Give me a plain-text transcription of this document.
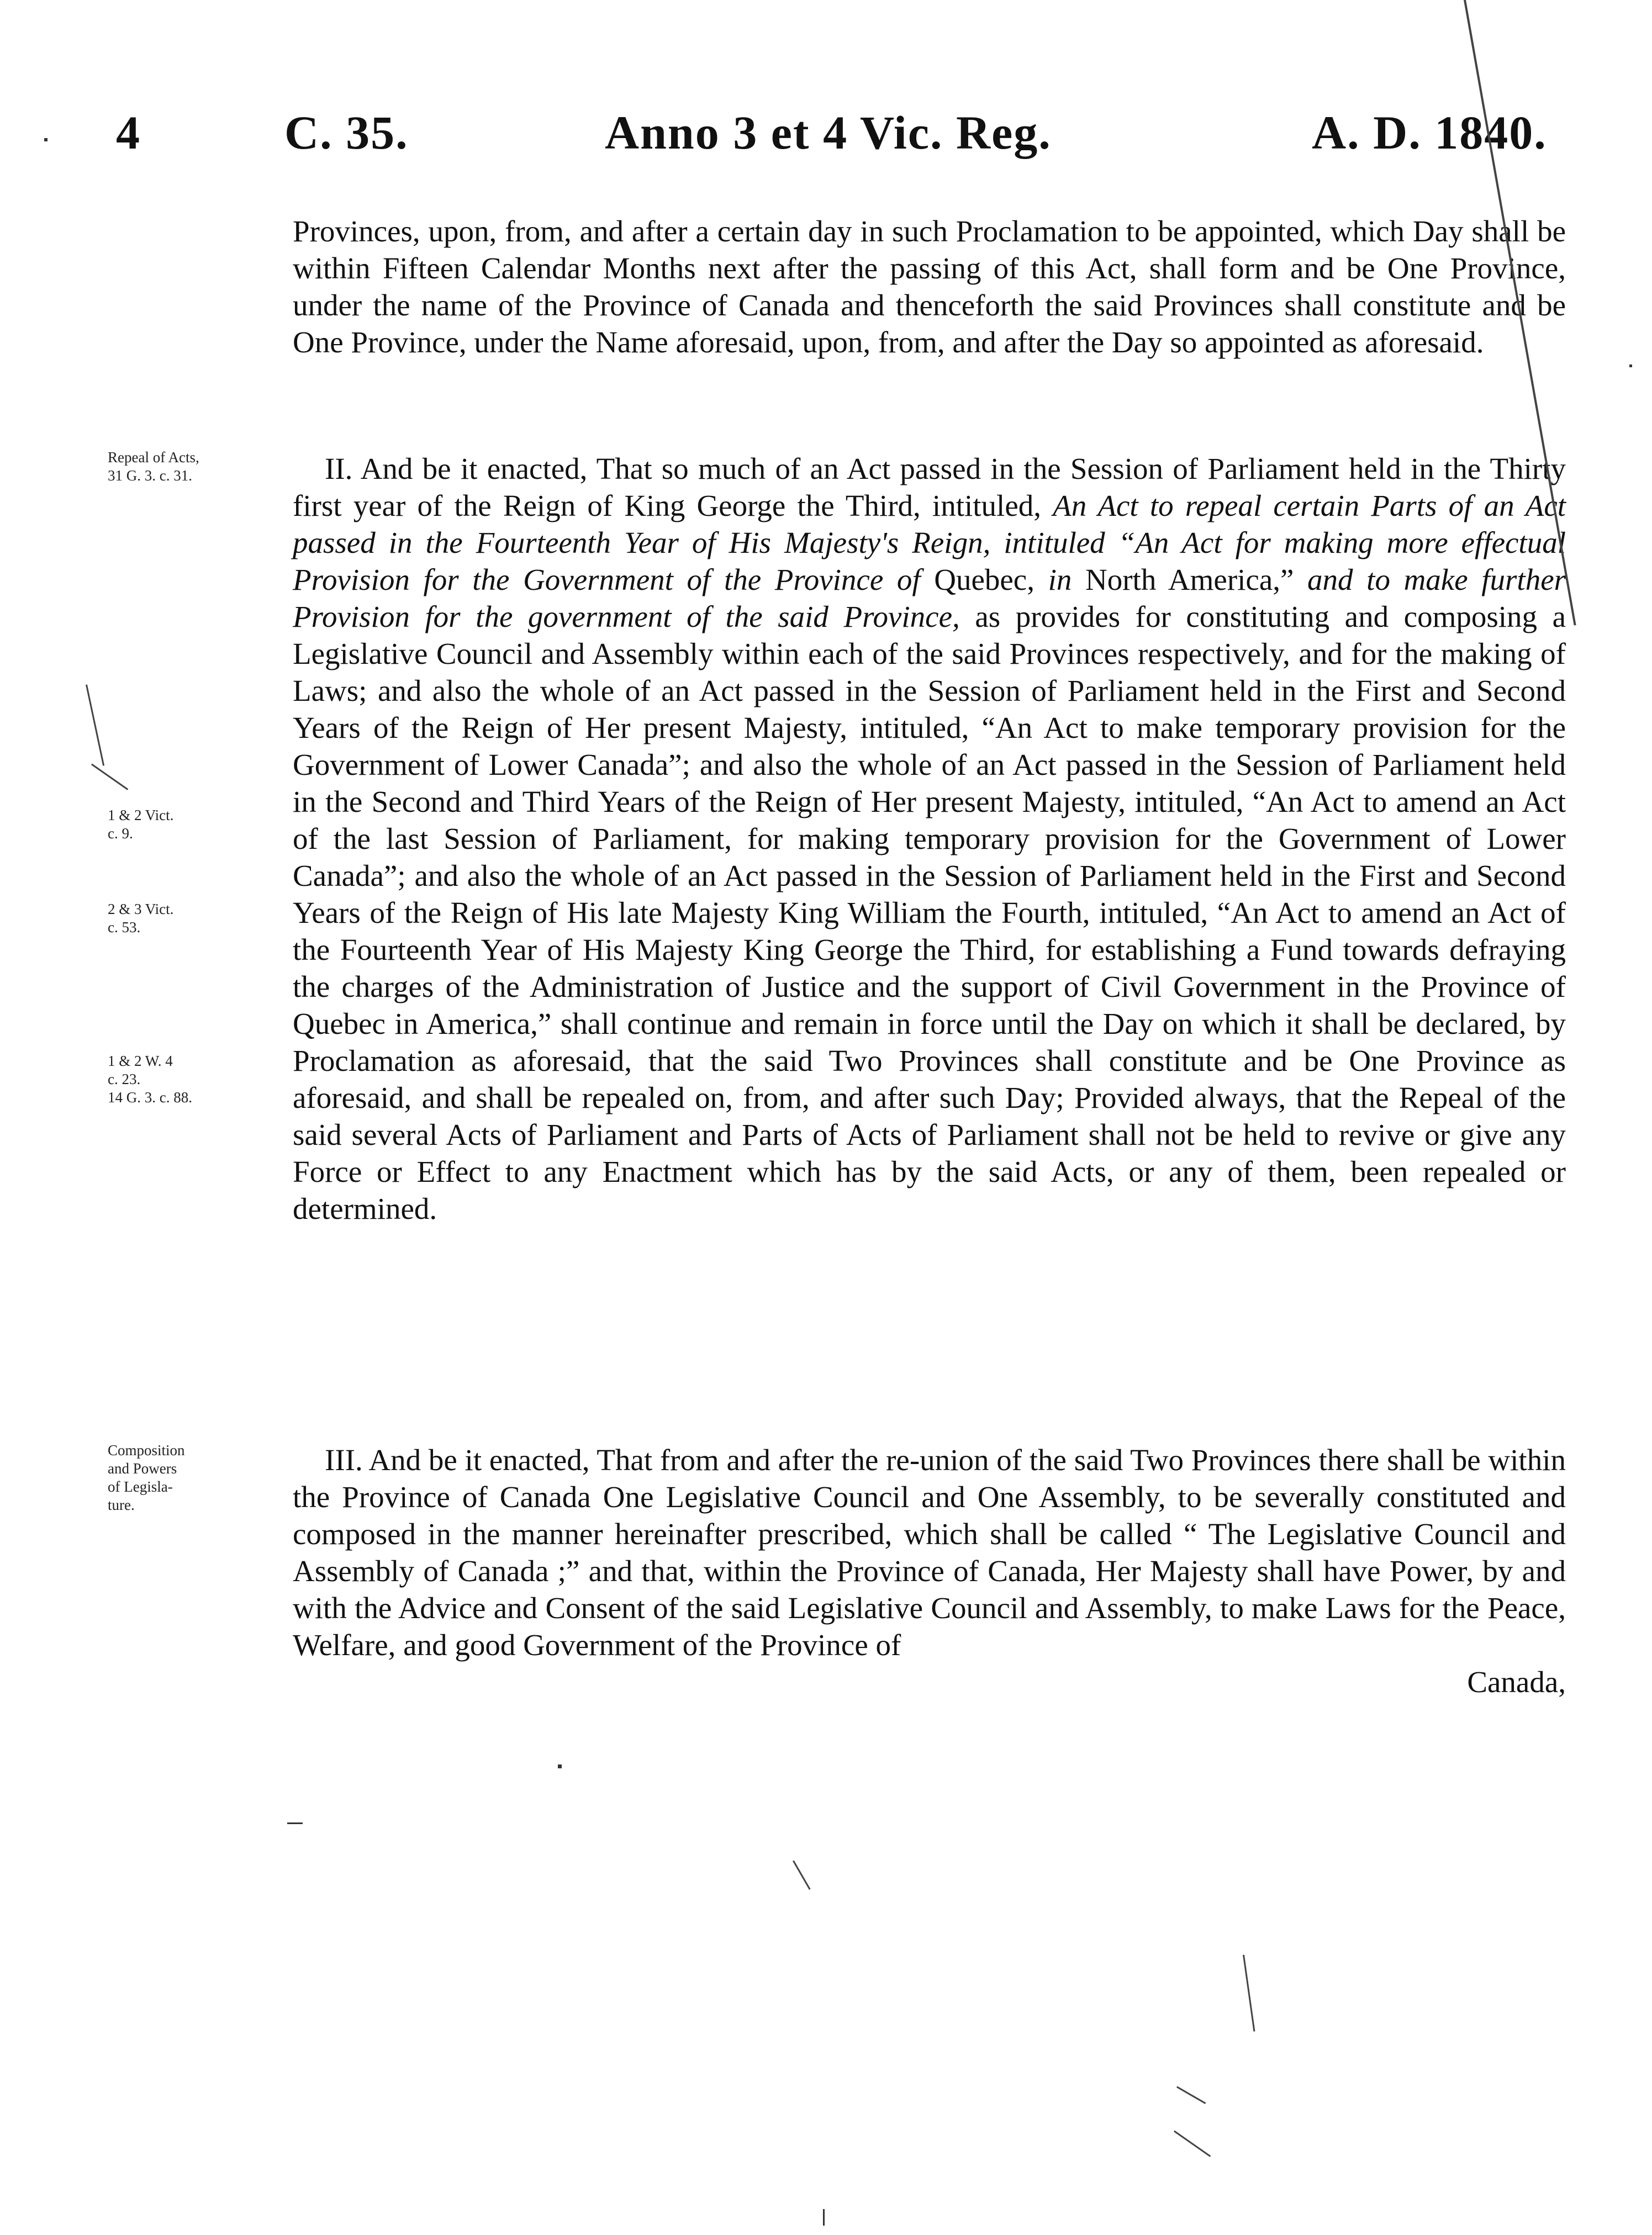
4	C. 35.	Anno 3 et 4 Vic. Reg.	A. D. 1840.

Provinces, upon, from, and after a certain day in such Proclamation to be appointed, which Day shall be within Fifteen Calendar Months next after the passing of this Act, shall form and be One Province, under the name of the Province of Canada and thenceforth the said Provinces shall constitute and be One Province, under the Name aforesaid, upon, from, and after the Day so appointed as aforesaid.

II. And be it enacted, That so much of an Act passed in the Session of Parliament held in the Thirty first year of the Reign of King George the Third, intituled, An Act to repeal certain Parts of an Act passed in the Fourteenth Year of His Majesty's Reign, intituled “An Act for making more effectual Provision for the Government of the Province of Quebec, in North America,” and to make further Provision for the government of the said Province, as provides for constituting and composing a Legislative Council and Assembly within each of the said Provinces respectively, and for the making of Laws; and also the whole of an Act passed in the Session of Parliament held in the First and Second Years of the Reign of Her present Majesty, intituled, “An Act to make temporary provision for the Government of Lower Canada”; and also the whole of an Act passed in the Session of Parliament held in the Second and Third Years of the Reign of Her present Majesty, intituled, “An Act to amend an Act of the last Session of Parliament, for making temporary provision for the Government of Lower Canada”; and also the whole of an Act passed in the Session of Parliament held in the First and Second Years of the Reign of His late Majesty King William the Fourth, intituled, “An Act to amend an Act of the Fourteenth Year of His Majesty King George the Third, for establishing a Fund towards defraying the charges of the Administration of Justice and the support of Civil Government in the Province of Quebec in America,” shall continue and remain in force until the Day on which it shall be declared, by Proclamation as aforesaid, that the said Two Provinces shall constitute and be One Province as aforesaid, and shall be repealed on, from, and after such Day; Provided always, that the Repeal of the said several Acts of Parliament and Parts of Acts of Parliament shall not be held to revive or give any Force or Effect to any Enactment which has by the said Acts, or any of them, been repealed or determined.

III. And be it enacted, That from and after the re-union of the said Two Provinces there shall be within the Province of Canada One Legislative Council and One Assembly, to be severally constituted and composed in the manner hereinafter prescribed, which shall be called “ The Legislative Council and Assembly of Canada ;” and that, within the Province of Canada, Her Majesty shall have Power, by and with the Advice and Consent of the said Legislative Council and Assembly, to make Laws for the Peace, Welfare, and good Government of the Province of
Canada,

Repeal of Acts,
31 G. 3. c. 31.
1 & 2 Vict.
c. 9.
2 & 3 Vict.
c. 53.
1 & 2 W. 4
c. 23.
14 G. 3. c. 88.
Composition
and Powers
of Legisla-
ture.
